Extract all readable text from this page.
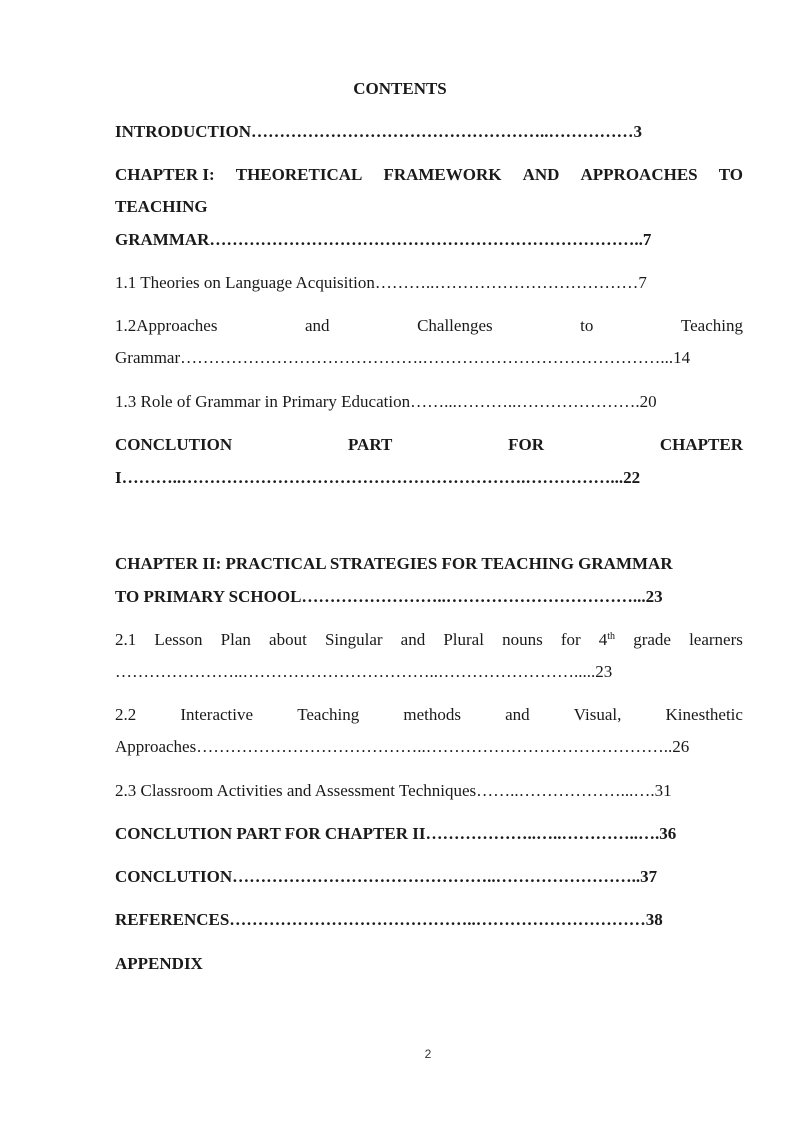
CONTENTS
INTRODUCTION……………………………………………..……………3
CHAPTER I: THEORETICAL FRAMEWORK AND APPROACHES TO
TEACHING
GRAMMAR…………………………………………………………………..7
1.1 Theories on Language Acquisition………..………………………………7
1.2Approaches	and	Challenges	to	Teaching
Grammar…………………………………….……………………………………...14
1.3 Role of Grammar in Primary Education……...………..………………….20
CONCLUTION	PART	FOR	CHAPTER
I………..…………………………………………………….……………...22
CHAPTER II: PRACTICAL STRATEGIES FOR TEACHING GRAMMAR
TO PRIMARY SCHOOL……………………..……………………………...23
2.1 Lesson Plan about Singular and Plural nouns for 4th grade learners
…………………..……………………………..…………………….....23
2.2	Interactive	Teaching	methods	and	Visual,	Kinesthetic
Approaches…………………………………..……………………………………..26
2.3 Classroom Activities and Assessment Techniques……..………………...….31
CONCLUTION PART FOR CHAPTER II………………..…..…………..….36
CONCLUTION………………………………………..……………………..37
REFERENCES……………………………………..…………………………38
APPENDIX
2
